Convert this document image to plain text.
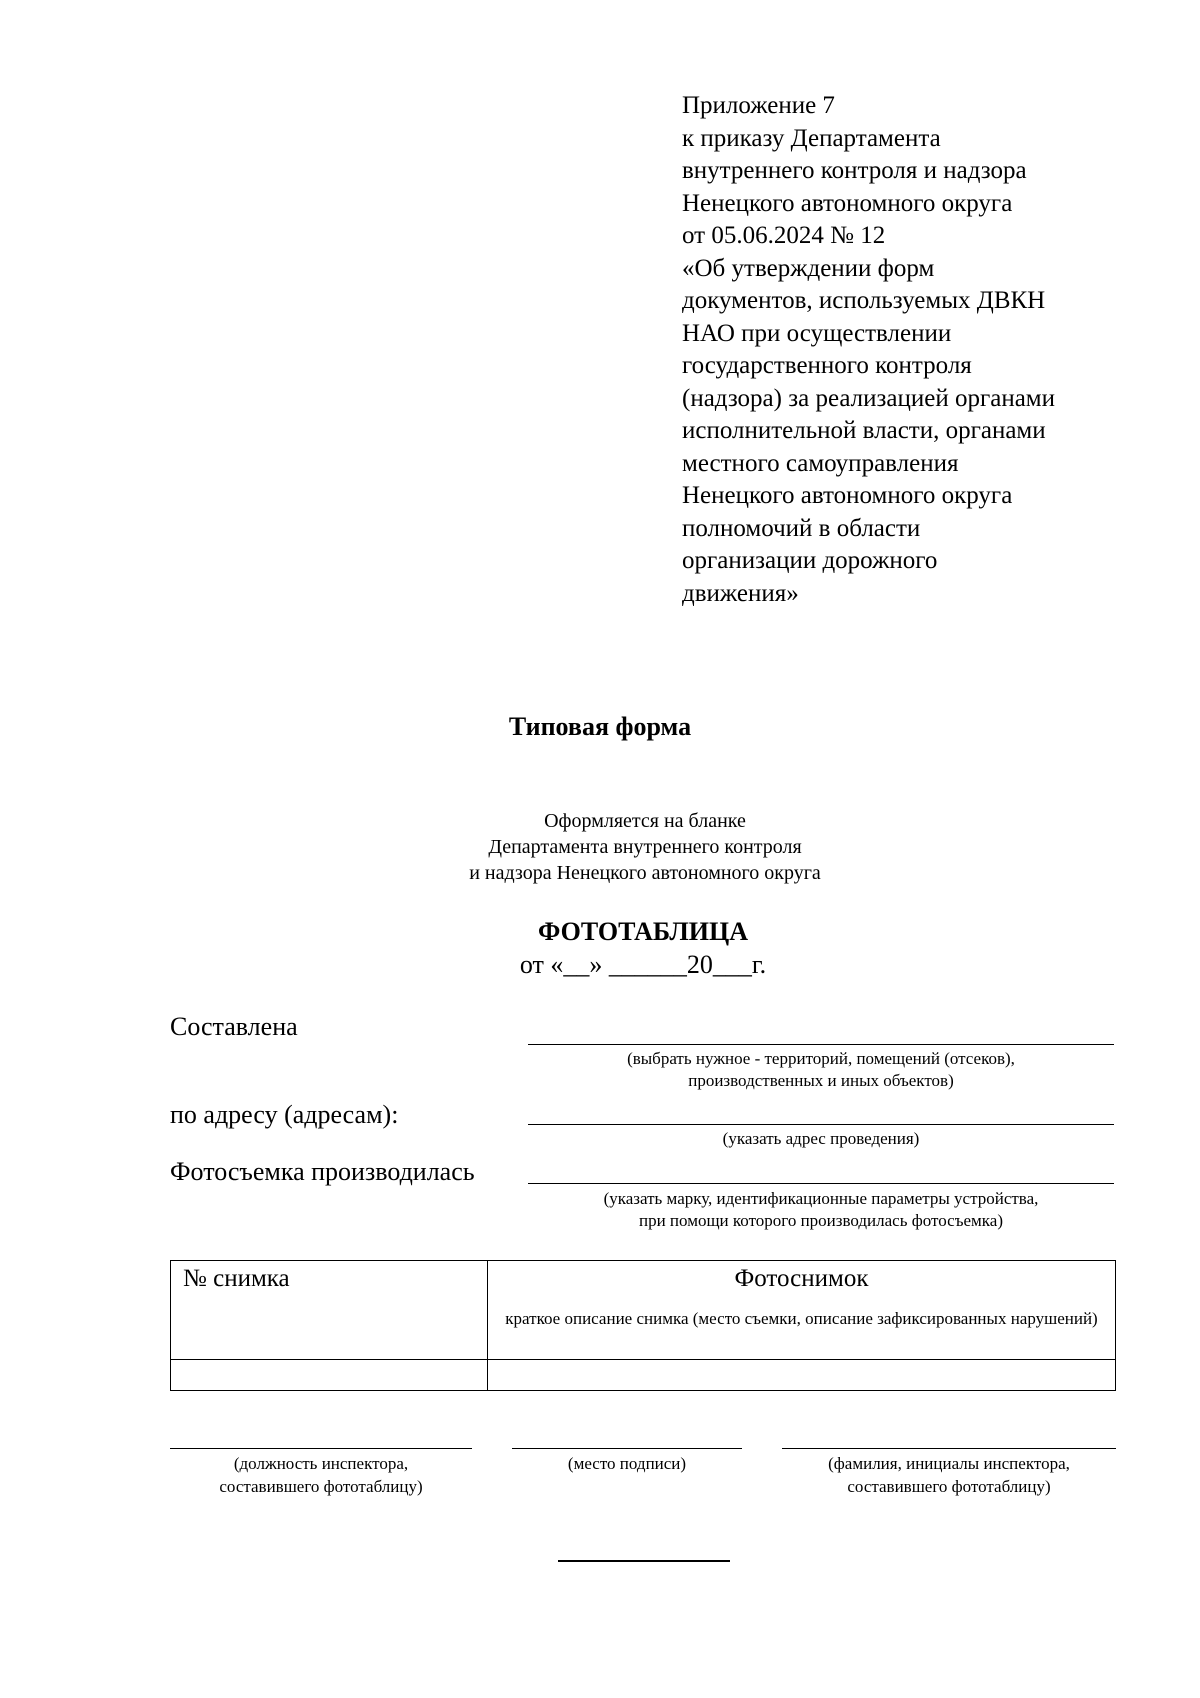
Приложение 7
к приказу Департамента
внутреннего контроля и надзора
Ненецкого автономного округа
от 05.06.2024 № 12
«Об утверждении форм
документов, используемых ДВКН
НАО при осуществлении
государственного контроля
(надзора) за реализацией органами
исполнительной власти, органами
местного самоуправления
Ненецкого автономного округа
полномочий в области
организации дорожного
движения»
Типовая форма
Оформляется на бланке
Департамента внутреннего контроля
и надзора Ненецкого автономного округа
ФОТОТАБЛИЦА
от «__» ______20___г.
Составлена
(выбрать нужное - территорий, помещений (отсеков),
производственных и иных объектов)
по адресу (адресам):
(указать адрес проведения)
Фотосъемка производилась
(указать марку, идентификационные параметры устройства,
при помощи которого производилась фотосъемка)
№ снимка	Фотоснимок
краткое описание снимка (место съемки, описание зафиксированных нарушений)

(должность инспектора,
составившего фототаблицу)
(место подписи)	(фамилия, инициалы инспектора,
составившего фототаблицу)
